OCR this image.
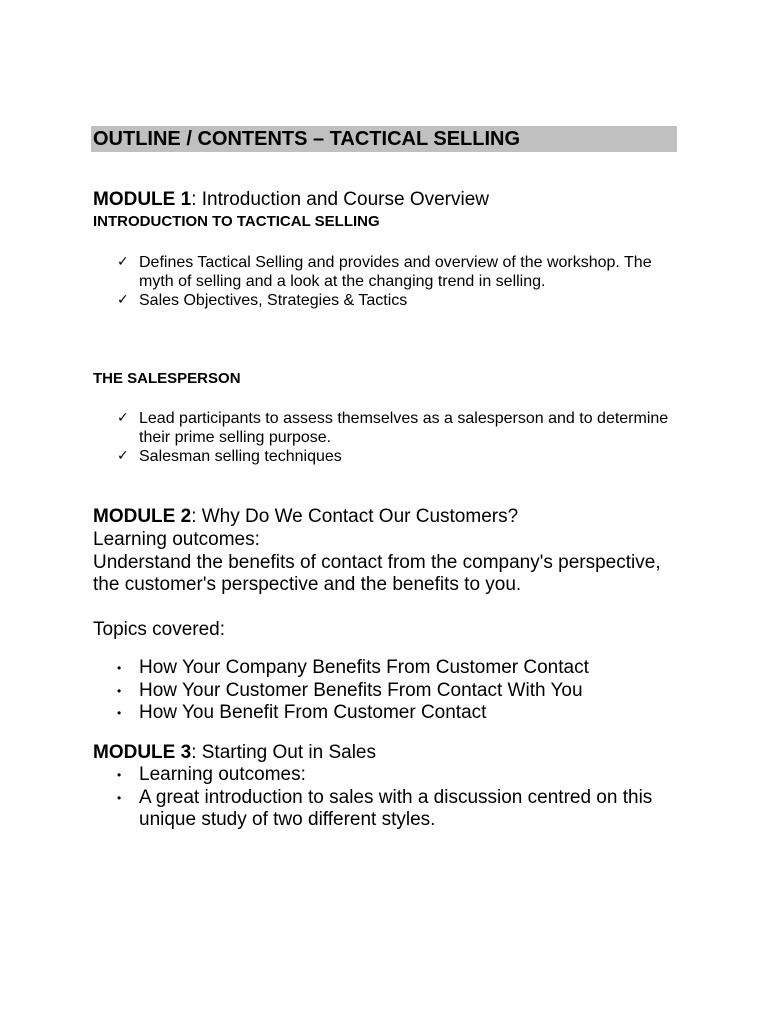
OUTLINE / CONTENTS – TACTICAL SELLING
MODULE 1: Introduction and Course Overview
INTRODUCTION TO TACTICAL SELLING
✓ Defines Tactical Selling and provides and overview of the workshop. The myth of selling and a look at the changing trend in selling.
✓ Sales Objectives, Strategies & Tactics
THE SALESPERSON
✓ Lead participants to assess themselves as a salesperson and to determine their prime selling purpose.
✓ Salesman selling techniques
MODULE 2: Why Do We Contact Our Customers?
Learning outcomes:
Understand the benefits of contact from the company's perspective, the customer's perspective and the benefits to you.
Topics covered:
• How Your Company Benefits From Customer Contact
• How Your Customer Benefits From Contact With You
• How You Benefit From Customer Contact
MODULE 3: Starting Out in Sales
• Learning outcomes:
• A great introduction to sales with a discussion centred on this unique study of two different styles.
